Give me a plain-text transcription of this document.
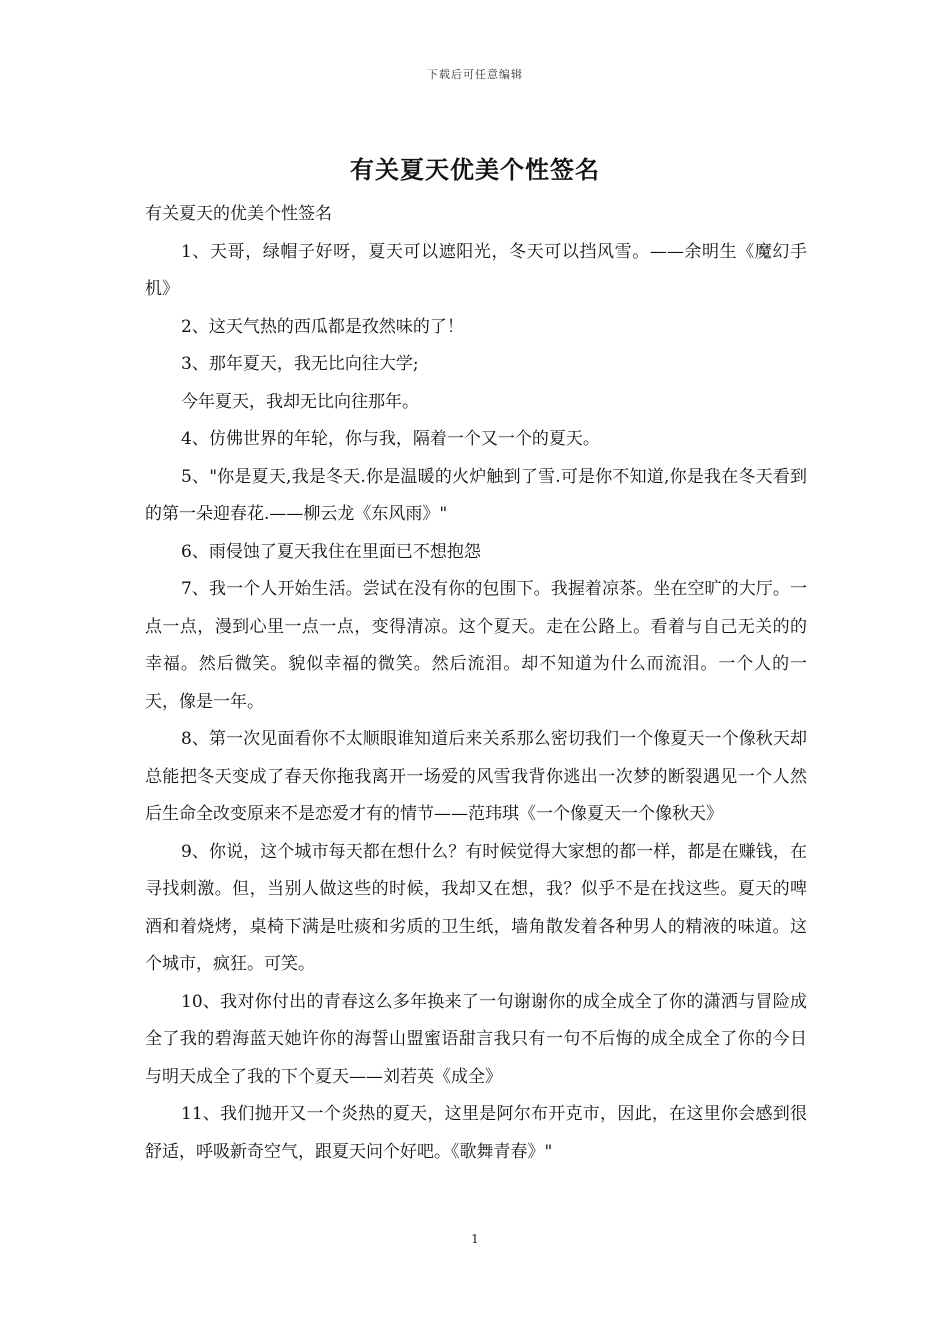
下载后可任意编辑
有关夏天优美个性签名

有关夏天的优美个性签名

1、天哥，绿帽子好呀，夏天可以遮阳光，冬天可以挡风雪。——余明生《魔幻手机》

2、这天气热的西瓜都是孜然味的了！

3、那年夏天，我无比向往大学;

今年夏天，我却无比向往那年。

4、仿佛世界的年轮，你与我，隔着一个又一个的夏天。

5、"你是夏天,我是冬天.你是温暖的火炉触到了雪.可是你不知道,你是我在冬天看到的第一朵迎春花.——柳云龙《东风雨》"

6、雨侵蚀了夏天我住在里面已不想抱怨

7、我一个人开始生活。尝试在没有你的包围下。我握着凉茶。坐在空旷的大厅。一点一点，漫到心里一点一点，变得清凉。这个夏天。走在公路上。看着与自己无关的的幸福。然后微笑。貌似幸福的微笑。然后流泪。却不知道为什么而流泪。一个人的一天，像是一年。

8、第一次见面看你不太顺眼谁知道后来关系那么密切我们一个像夏天一个像秋天却总能把冬天变成了春天你拖我离开一场爱的风雪我背你逃出一次梦的断裂遇见一个人然后生命全改变原来不是恋爱才有的情节——范玮琪《一个像夏天一个像秋天》

9、你说，这个城市每天都在想什么？有时候觉得大家想的都一样，都是在赚钱，在寻找刺激。但，当别人做这些的时候，我却又在想，我？似乎不是在找这些。夏天的啤酒和着烧烤，桌椅下满是吐痰和劣质的卫生纸，墙角散发着各种男人的精液的味道。这个城市，疯狂。可笑。

10、我对你付出的青春这么多年换来了一句谢谢你的成全成全了你的潇洒与冒险成全了我的碧海蓝天她许你的海誓山盟蜜语甜言我只有一句不后悔的成全成全了你的今日与明天成全了我的下个夏天——刘若英《成全》

11、我们抛开又一个炎热的夏天，这里是阿尔布开克市，因此，在这里你会感到很舒适，呼吸新奇空气，跟夏天问个好吧。《歌舞青春》"

1
